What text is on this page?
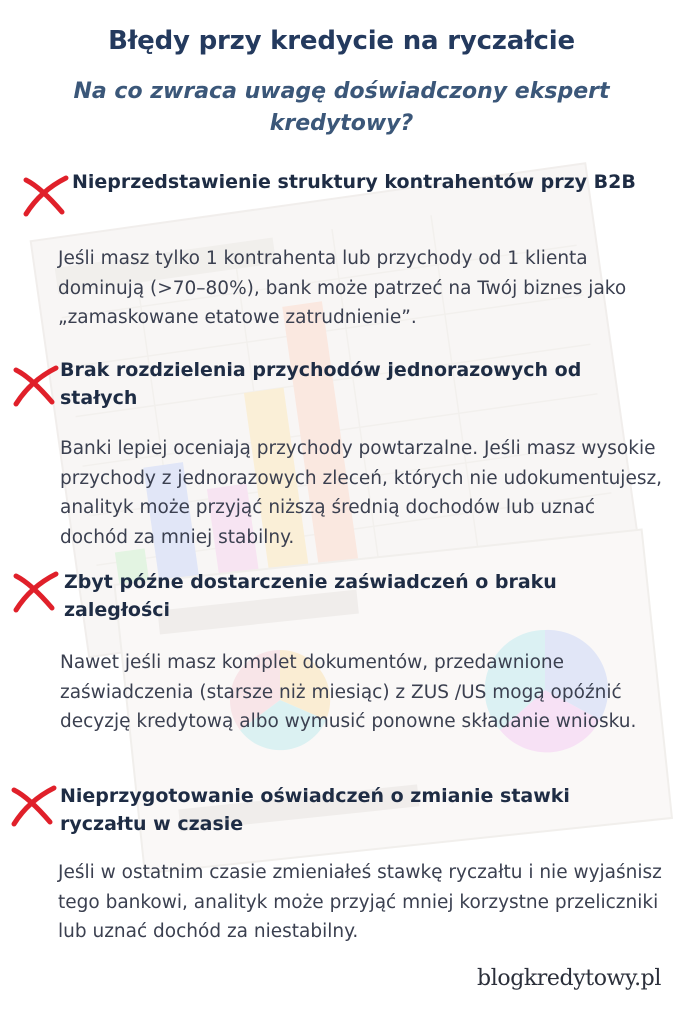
Błędy przy kredycie na ryczałcie
Na co zwraca uwagę doświadczony ekspert kredytowy?
Nieprzedstawienie struktury kontrahentów przy B2B
Jeśli masz tylko 1 kontrahenta lub przychody od 1 klienta dominują (>70–80%), bank może patrzeć na Twój biznes jako „zamaskowane etatowe zatrudnienie”.
Brak rozdzielenia przychodów jednorazowych od stałych
Banki lepiej oceniają przychody powtarzalne. Jeśli masz wysokie przychody z jednorazowych zleceń, których nie udokumentujesz, analityk może przyjąć niższą średnią dochodów lub uznać dochód za mniej stabilny.
Zbyt późne dostarczenie zaświadczeń o braku zaległości
Nawet jeśli masz komplet dokumentów, przedawnione zaświadczenia (starsze niż miesiąc) z ZUS /US mogą opóźnić decyzję kredytową albo wymusić ponowne składanie wniosku.
Nieprzygotowanie oświadczeń o zmianie stawki ryczałtu w czasie
Jeśli w ostatnim czasie zmieniałeś stawkę ryczałtu i nie wyjaśnisz tego bankowi, analityk może przyjąć mniej korzystne przeliczniki lub uznać dochód za niestabilny.
blogkredytowy.pl
